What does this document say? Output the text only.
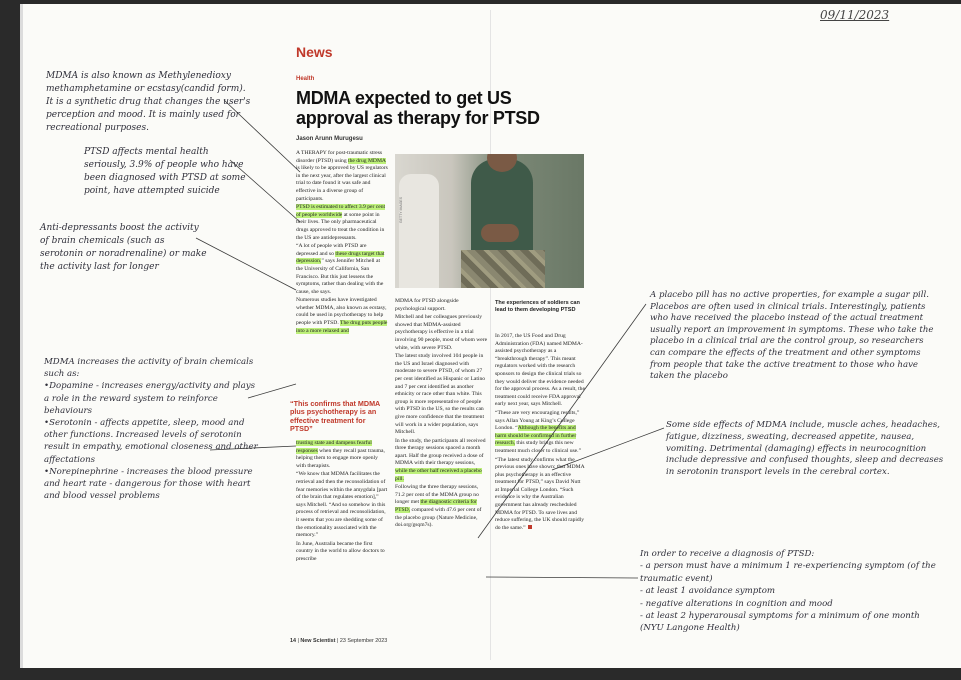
09/11/2023
News
Health
MDMA expected to get US approval as therapy for PTSD
Jason Arunn Murugesu

A THERAPY for post-traumatic stress disorder (PTSD) using the drug MDMA is likely to be approved by US regulators in the next year, after the largest clinical trial to date found it was safe and effective in a diverse group of participants.

PTSD is estimated to affect 3.9 per cent of people worldwide at some point in their lives. The only pharmaceutical drugs approved to treat the condition in the US are antidepressants.

“A lot of people with PTSD are depressed and so these drugs target that depression,” says Jennifer Mitchell at the University of California, San Francisco. But this just lessens the symptoms, rather than dealing with the cause, she says.

Numerous studies have investigated whether MDMA, also known as ecstasy, could be used in psychotherapy to help people with PTSD. The drug puts people into a more relaxed and

“This confirms that MDMA plus psychotherapy is an effective treatment for PTSD”

trusting state and dampens fearful responses when they recall past trauma, helping them to engage more openly with therapists.

“We know that MDMA facilitates the retrieval and then the reconsolidation of fear memories within the amygdala [part of the brain that regulates emotion],” says Mitchell. “And so somehow in this process of retrieval and reconsolidation, it seems that you are shedding some of the emotionality associated with the memory.”

In June, Australia became the first country in the world to allow doctors to prescribe

GETTY IMAGES

MDMA for PTSD alongside psychological support.

Mitchell and her colleagues previously showed that MDMA-assisted psychotherapy is effective in a trial involving 90 people, most of whom were white, with severe PTSD.

The latest study involved 104 people in the US and Israel diagnosed with moderate to severe PTSD, of whom 27 per cent identified as Hispanic or Latino and 7 per cent identified as another ethnicity or race other than white. This group is more representative of people with PTSD in the US, so the results can give more confidence that the treatment will work in a wider population, says Mitchell.

In the study, the participants all received three therapy sessions spaced a month apart. Half the group received a dose of MDMA with their therapy sessions, while the other half received a placebo pill.

Following the three therapy sessions, 71.2 per cent of the MDMA group no longer met the diagnostic criteria for PTSD, compared with 47.6 per cent of the placebo group (Nature Medicine, doi.org/gsqm7s).

The experiences of soldiers can lead to them developing PTSD

In 2017, the US Food and Drug Administration (FDA) named MDMA-assisted psychotherapy as a “breakthrough therapy”. This meant regulators worked with the research sponsors to design the clinical trials so they would deliver the evidence needed for the approval process. As a result, the treatment could receive FDA approval early next year, says Mitchell.

“These are very encouraging results,” says Allan Young at King’s College London. “Although the benefits and harm should be confirmed in further research, this study brings this new treatment much closer to clinical use.”

“The latest study confirms what the previous ones have shown: that MDMA plus psychotherapy is an effective treatment for PTSD,” says David Nutt at Imperial College London. “Such evidence is why the Australian government has already rescheduled MDMA for PTSD. To save lives and reduce suffering, the UK should rapidly do the same.”

14 | New Scientist | 23 September 2023
MDMA is also known as Methylenedioxy methamphetamine or ecstasy(candid form).
It is a synthetic drug that changes the user's perception and mood. It is mainly used for recreational purposes.
PTSD affects mental health seriously, 3.9% of people who have been diagnosed with PTSD at some point, have attempted suicide
Anti-depressants boost the activity of brain chemicals (such as serotonin or noradrenaline) or make the activity last for longer
MDMA increases the activity of brain chemicals such as:
•Dopamine - increases energy/activity and plays a role in the reward system to reinforce behaviours
•Serotonin - affects appetite, sleep, mood and other functions. Increased levels of serotonin result in empathy, emotional closeness and other affectations
•Norepinephrine - increases the blood pressure and heart rate - dangerous for those with heart and blood vessel problems
A placebo pill has no active properties, for example a sugar pill. Placebos are often used in clinical trials. Interestingly, patients who have received the placebo instead of the actual treatment usually report an improvement in symptoms. These who take the placebo in a clinical trial are the control group, so researchers can compare the effects of the treatment and other symptoms from people that take the active treatment to those who have taken the placebo
Some side effects of MDMA include, muscle aches, headaches, fatigue, dizziness, sweating, decreased appetite, nausea, vomiting. Detrimental (damaging) effects in neurocognition include depressive and confused thoughts, sleep and decreases in serotonin transport levels in the cerebral cortex.
In order to receive a diagnosis of PTSD:
- a person must have a minimum 1 re-experiencing symptom (of the traumatic event)
- at least 1 avoidance symptom
- negative alterations in cognition and mood
- at least 2 hyperarousal symptoms for a minimum of one month
(NYU Langone Health)
